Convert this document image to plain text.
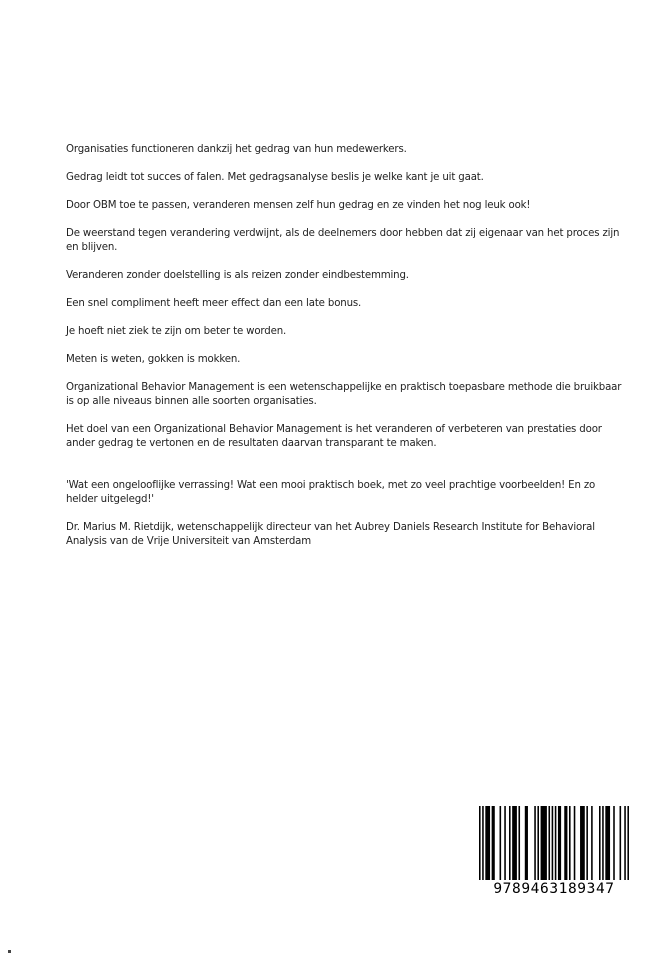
Organisaties functioneren dankzij het gedrag van hun medewerkers.

Gedrag leidt tot succes of falen. Met gedragsanalyse beslis je welke kant je uit gaat.

Door OBM toe te passen, veranderen mensen zelf hun gedrag en ze vinden het nog leuk ook!

De weerstand tegen verandering verdwijnt, als de deelnemers door hebben dat zij eigenaar van het proces zijn en blijven.

Veranderen zonder doelstelling is als reizen zonder eindbestemming.

Een snel compliment heeft meer effect dan een late bonus.

Je hoeft niet ziek te zijn om beter te worden.

Meten is weten, gokken is mokken.

Organizational Behavior Management is een wetenschappelijke en praktisch toepasbare methode die bruikbaar is op alle niveaus binnen alle soorten organisaties.

Het doel van een Organizational Behavior Management is het veranderen of verbeteren van prestaties door ander gedrag te vertonen en de resultaten daarvan transparant te maken.

'Wat een ongelooflijke verrassing! Wat een mooi praktisch boek, met zo veel prachtige voorbeelden! En zo helder uitgelegd!'

Dr. Marius M. Rietdijk, wetenschappelijk directeur van het Aubrey Daniels Research Institute for Behavioral Analysis van de Vrije Universiteit van Amsterdam

9789463189347
